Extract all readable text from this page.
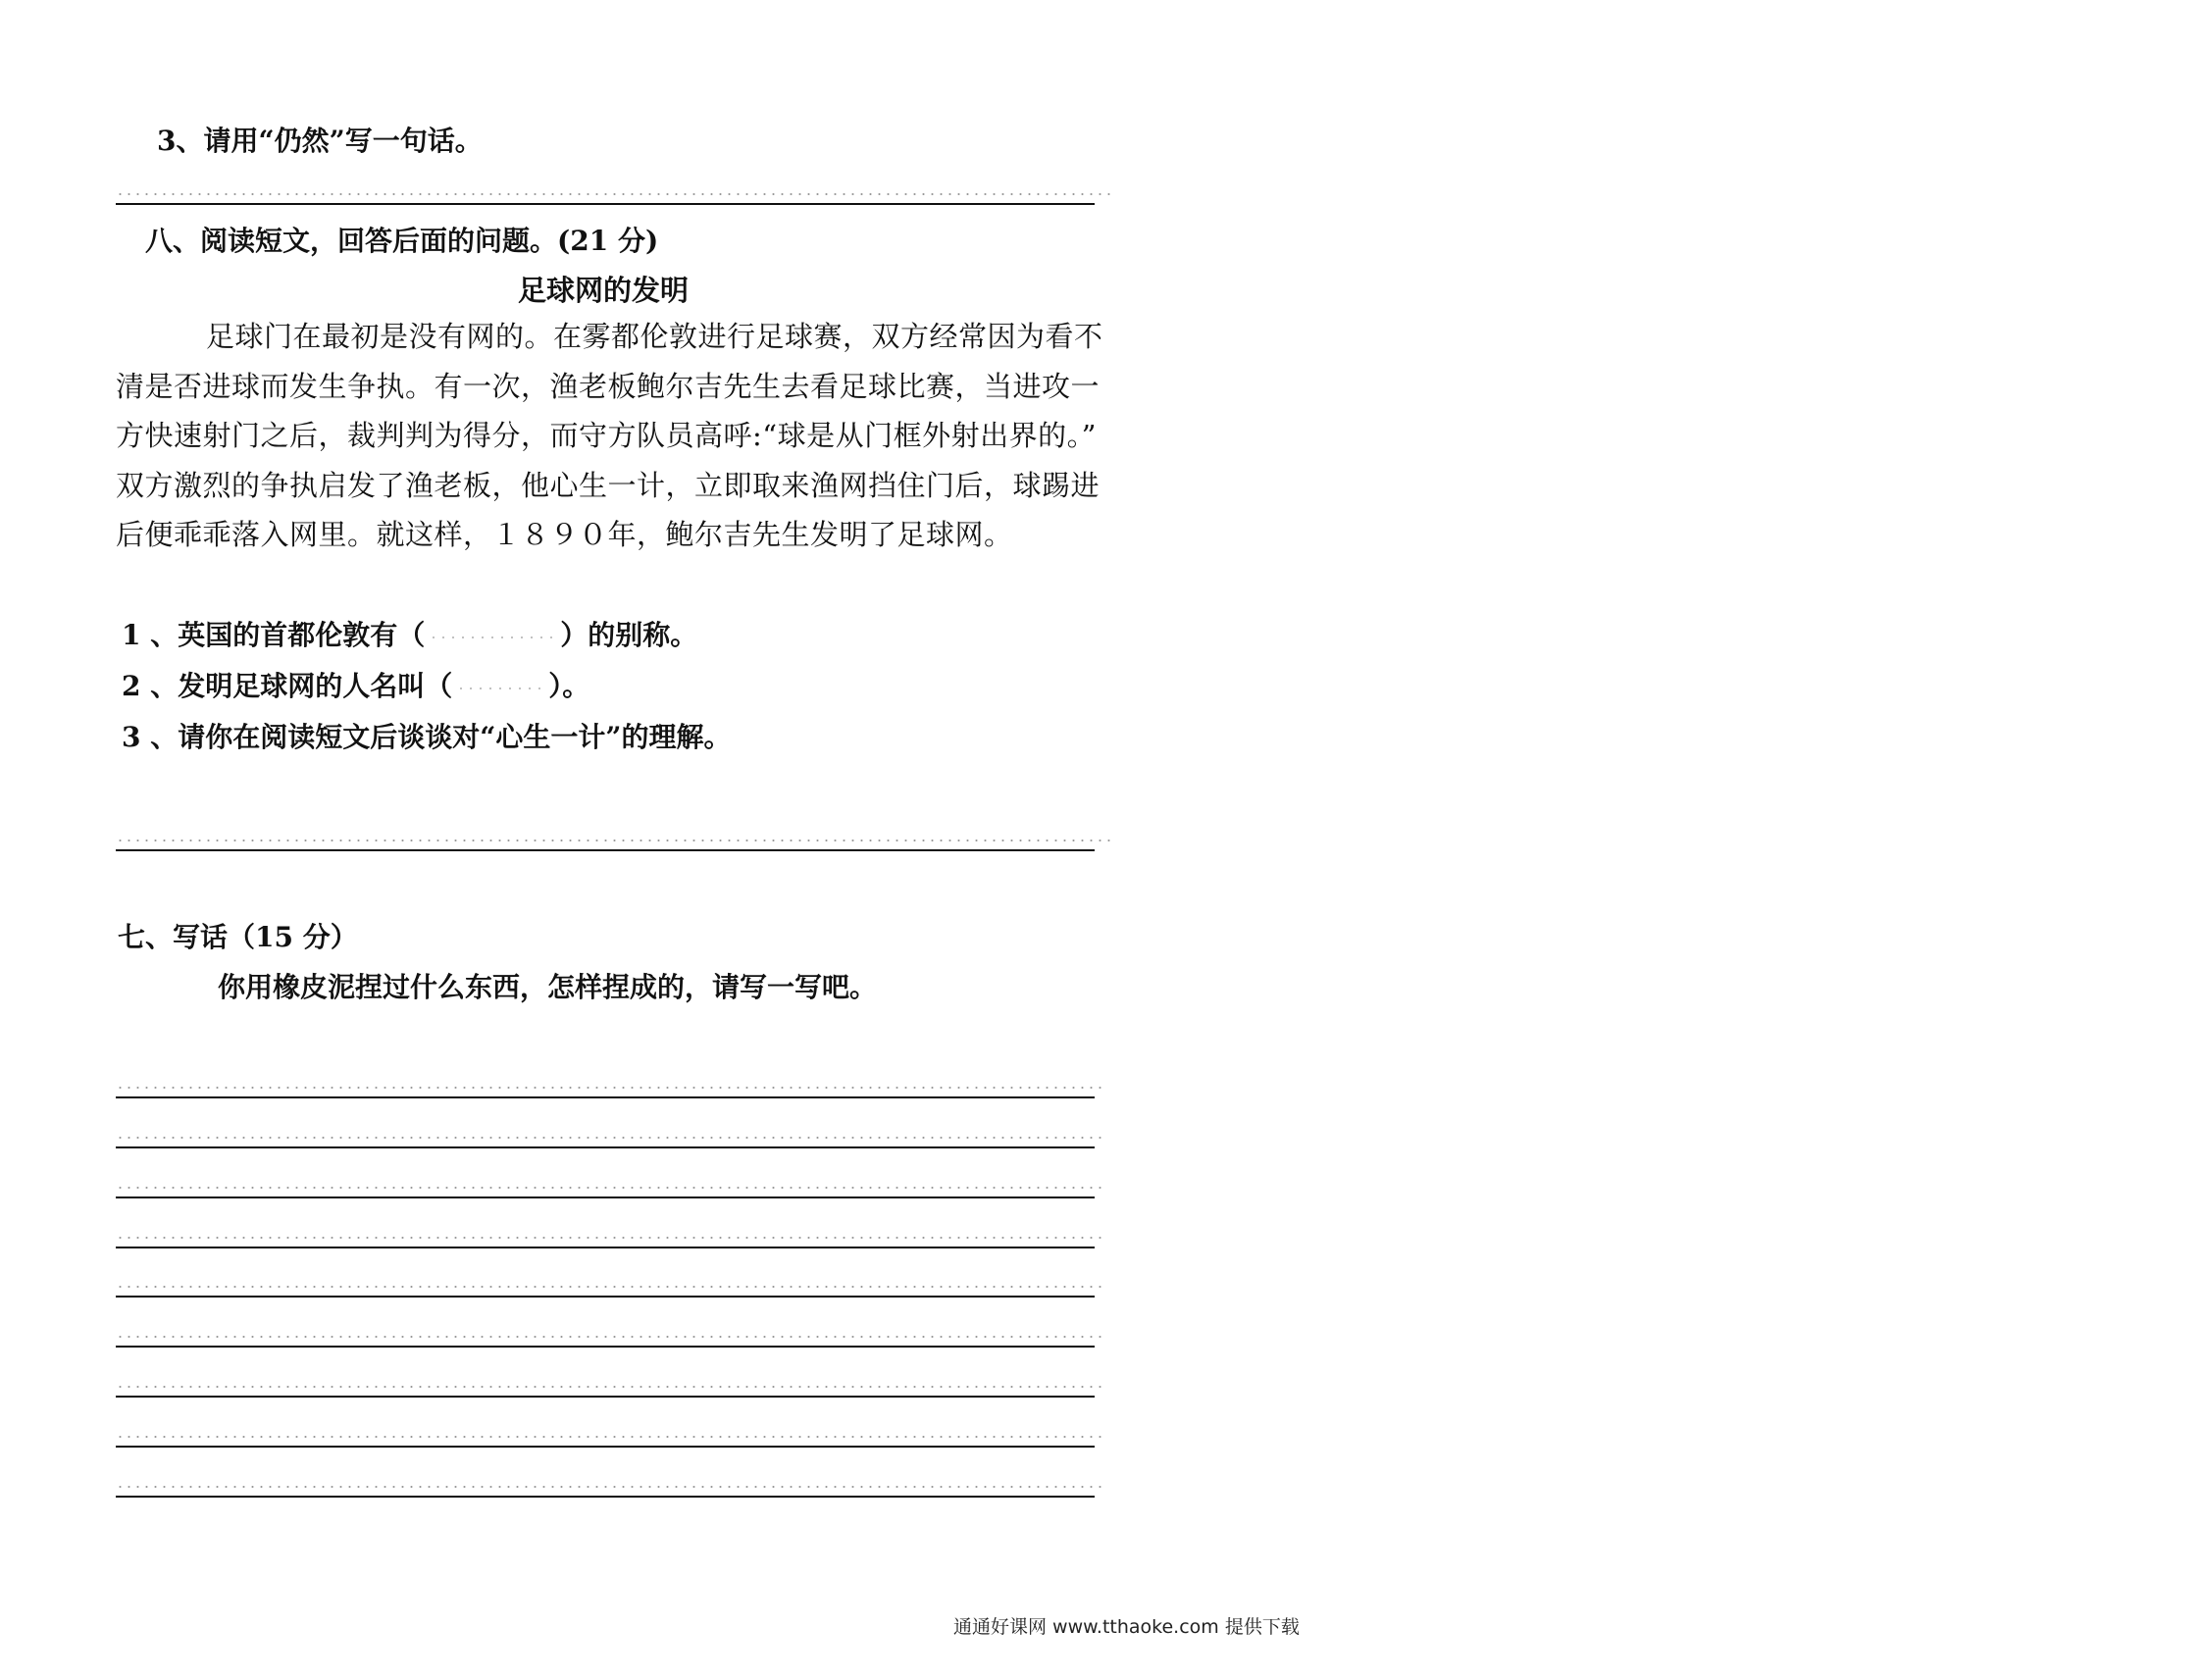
3、请用“仍然”写一句话。
八、阅读短文，回答后面的问题。(21 分)
足球网的发明
足球门在最初是没有网的。在雾都伦敦进行足球赛，双方经常因为看不
清是否进球而发生争执。有一次，渔老板鲍尔吉先生去看足球比赛，当进攻一
方快速射门之后，裁判判为得分，而守方队员高呼:“球是从门框外射出界的。”
双方激烈的争执启发了渔老板，他心生一计，立即取来渔网挡住门后，球踢进
后便乖乖落入网里。就这样，１８９０年，鲍尔吉先生发明了足球网。
1 、英国的首都伦敦有（	）的别称。
2 、发明足球网的人名叫（	）。
3 、请你在阅读短文后谈谈对“心生一计”的理解。
七、写话（15 分）
你用橡皮泥捏过什么东西，怎样捏成的，请写一写吧。
通通好课网 www.tthaoke.com 提供下载
